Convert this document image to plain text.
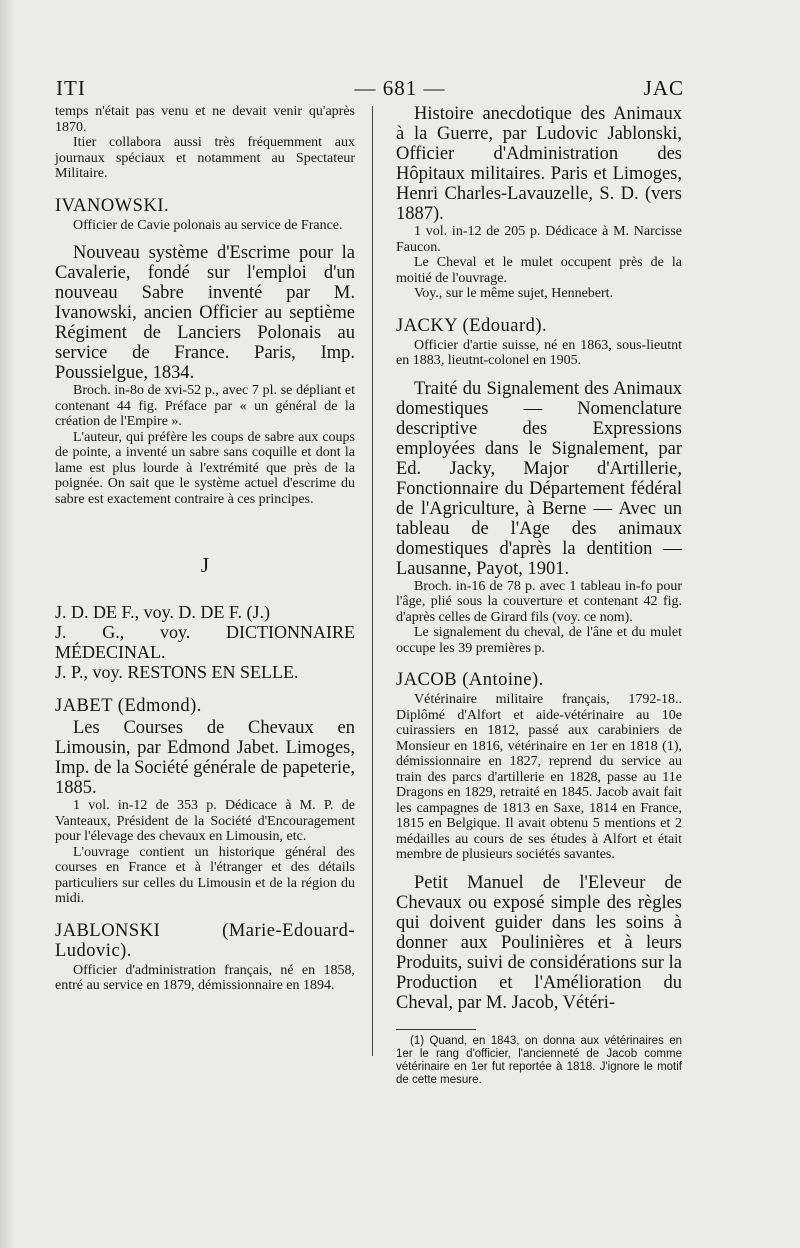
ITI	— 681 —	JAC

temps n'était pas venu et ne devait venir qu'après 1870.

Itier collabora aussi très fréquemment aux journaux spéciaux et notamment au Spectateur Militaire.

IVANOWSKI.

Officier de Cavie polonais au service de France.

Nouveau système d'Escrime pour la Cavalerie, fondé sur l'emploi d'un nouveau Sabre inventé par M. Ivanowski, ancien Officier au septième Régiment de Lanciers Polonais au service de France. Paris, Imp. Poussielgue, 1834.

Broch. in-8o de xvi-52 p., avec 7 pl. se dépliant et contenant 44 fig. Préface par « un général de la création de l'Empire ».

L'auteur, qui préfère les coups de sabre aux coups de pointe, a inventé un sabre sans coquille et dont la lame est plus lourde à l'extrémité que près de la poignée. On sait que le système actuel d'escrime du sabre est exactement contraire à ces principes.

J

J. D. DE F., voy. D. DE F. (J.)

J. G., voy. DICTIONNAIRE MÉDECINAL.

J. P., voy. RESTONS EN SELLE.

JABET (Edmond).

Les Courses de Chevaux en Limousin, par Edmond Jabet. Limoges, Imp. de la Société générale de papeterie, 1885.

1 vol. in-12 de 353 p. Dédicace à M. P. de Vanteaux, Président de la Société d'Encouragement pour l'élevage des chevaux en Limousin, etc.

L'ouvrage contient un historique général des courses en France et à l'étranger et des détails particuliers sur celles du Limousin et de la région du midi.

JABLONSKI (Marie-Edouard-Ludovic).

Officier d'administration français, né en 1858, entré au service en 1879, démissionnaire en 1894.

Histoire anecdotique des Animaux à la Guerre, par Ludovic Jablonski, Officier d'Administration des Hôpitaux militaires. Paris et Limoges, Henri Charles-Lavauzelle, S. D. (vers 1887).

1 vol. in-12 de 205 p. Dédicace à M. Narcisse Faucon.

Le Cheval et le mulet occupent près de la moitié de l'ouvrage.

Voy., sur le même sujet, Hennebert.

JACKY (Edouard).

Officier d'artie suisse, né en 1863, sous-lieutnt en 1883, lieutnt-colonel en 1905.

Traité du Signalement des Animaux domestiques — Nomenclature descriptive des Expressions employées dans le Signalement, par Ed. Jacky, Major d'Artillerie, Fonctionnaire du Département fédéral de l'Agriculture, à Berne — Avec un tableau de l'Age des animaux domestiques d'après la dentition — Lausanne, Payot, 1901.

Broch. in-16 de 78 p. avec 1 tableau in-fo pour l'âge, plié sous la couverture et contenant 42 fig. d'après celles de Girard fils (voy. ce nom).

Le signalement du cheval, de l'âne et du mulet occupe les 39 premières p.

JACOB (Antoine).

Vétérinaire militaire français, 1792-18.. Diplômé d'Alfort et aide-vétérinaire au 10e cuirassiers en 1812, passé aux carabiniers de Monsieur en 1816, vétérinaire en 1er en 1818 (1), démissionnaire en 1827, reprend du service au train des parcs d'artillerie en 1828, passe au 11e Dragons en 1829, retraité en 1845. Jacob avait fait les campagnes de 1813 en Saxe, 1814 en France, 1815 en Belgique. Il avait obtenu 5 mentions et 2 médailles au cours de ses études à Alfort et était membre de plusieurs sociétés savantes.

Petit Manuel de l'Eleveur de Chevaux ou exposé simple des règles qui doivent guider dans les soins à donner aux Poulinières et à leurs Produits, suivi de considérations sur la Production et l'Amélioration du Cheval, par M. Jacob, Vétéri-

(1) Quand, en 1843, on donna aux vétérinaires en 1er le rang d'officier, l'ancienneté de Jacob comme vétérinaire en 1er fut reportée à 1818. J'ignore le motif de cette mesure.
